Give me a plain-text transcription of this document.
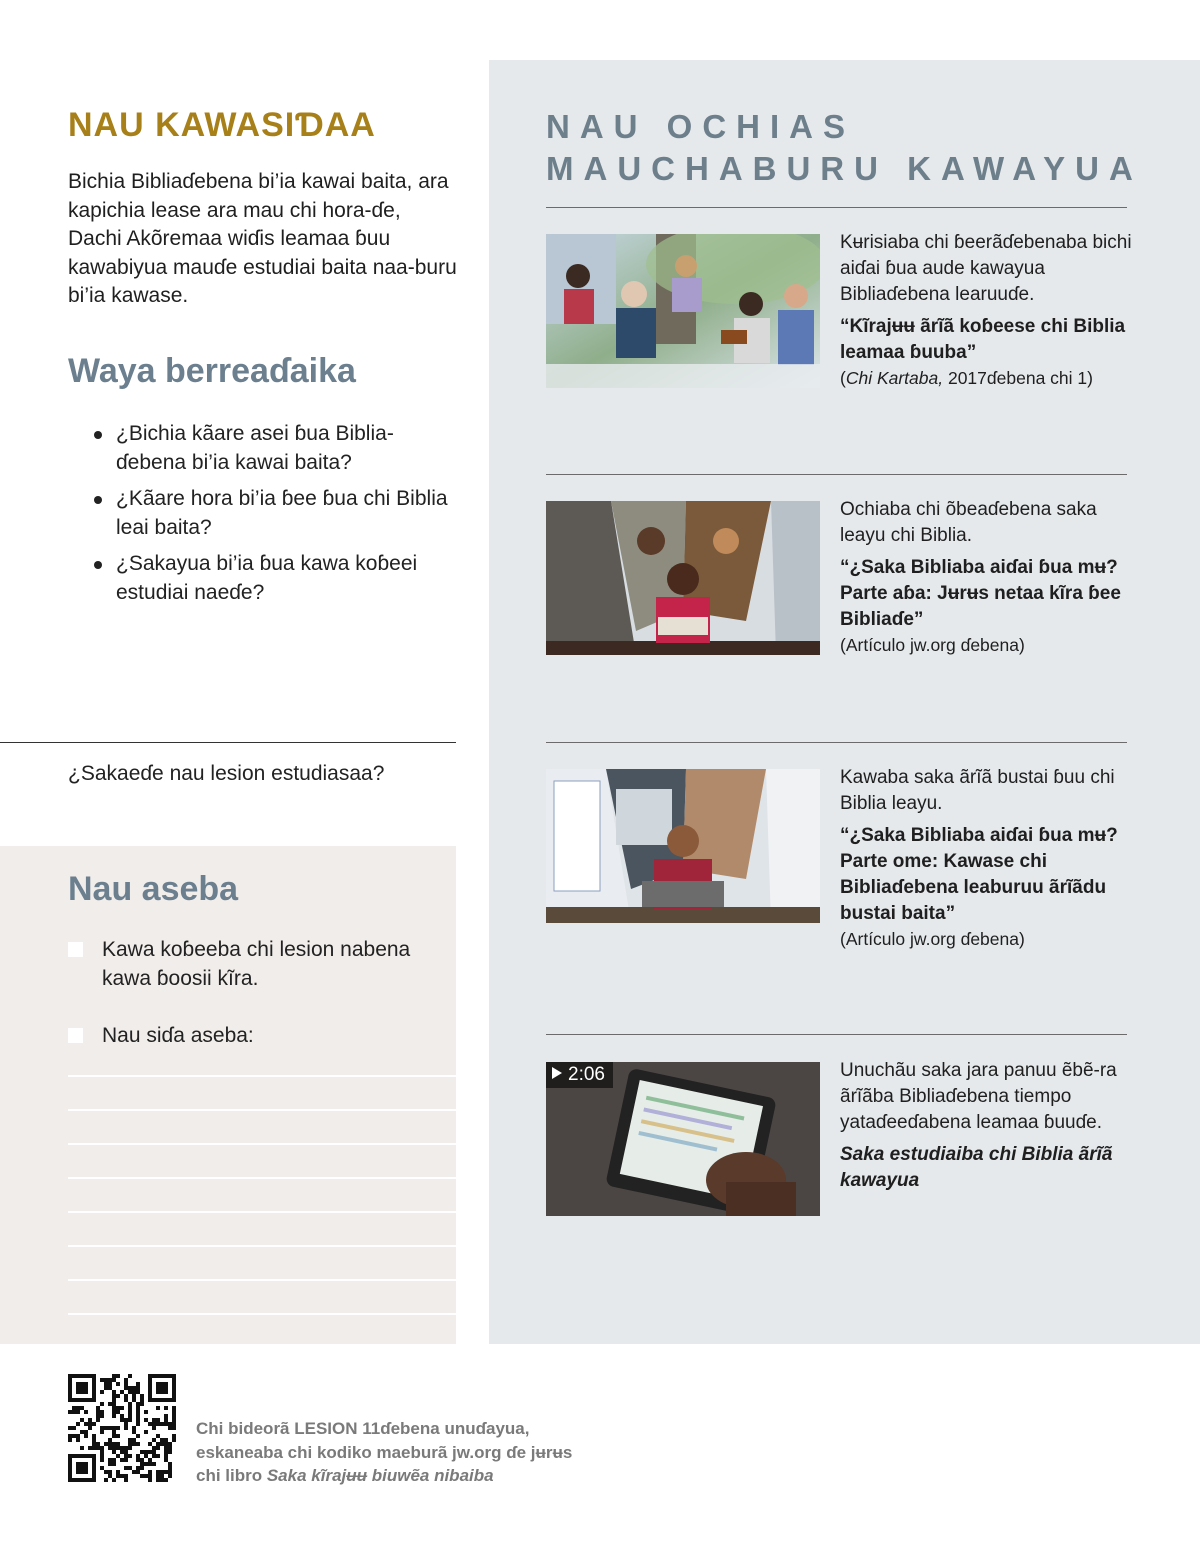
NAU KAWASIƊAA

Bichia Bibliaɗebena bi’ia kawai baita, ara kapichia lease ara mau chi hora-ɗe, Dachi Akõremaa wiɗis leamaa ɓuu kawabiyua mauɗe estudiai baita naa-buru bi’ia kawase.

Waya berreaɗaika
¿Bichia kãare asei ɓua Biblia-ɗebena bi’ia kawai baita?
¿Kãare hora bi’ia ɓee ɓua chi Biblia leai baita?
¿Sakayua bi’ia ɓua kawa koɓeei estudiai naeɗe?

¿Sakaeɗe nau lesion estudiasaa?

Nau aseba
Kawa koɓeeba chi lesion nabena kawa ɓoosii kĩra.
Nau siɗa aseba:
NAU OCHIAS
MAUCHABURU KAWAYUA
Kʉrisiaba chi ɓeerãɗebenaba bichi aiɗai ɓua aude kawayua Bibliaɗebena learuuɗe.
“Kĩrajʉʉ ãrĩã koɓeese chi Biblia leamaa ɓuuba”
(Chi Kartaba, 2017ɗebena chi 1)
Ochiaba chi õbeaɗebena saka leayu chi Biblia.
“¿Saka Bibliaba aiɗai ɓua mʉ? Parte aɓa: Jʉrʉs netaa kĩra ɓee Bibliaɗe”
(Artículo jw.org ɗebena)
Kawaba saka ãrĩã bustai ɓuu chi Biblia leayu.
“¿Saka Bibliaba aiɗai ɓua mʉ? Parte ome: Kawase chi Bibliaɗebena leaburuu ãrĩãdu bustai baita”
(Artículo jw.org ɗebena)
2:06	Unuchãu saka jara panuu ẽbẽ-ra ãrĩãba Bibliaɗebena tiempo yataɗeeɗabena leamaa ɓuuɗe.
Saka estudiaiba chi Biblia ãrĩã kawayua

Chi bideorã LESION 11ɗebena unuɗayua, eskaneaba chi kodiko maeburã jw.org ɗe jʉrʉs chi libro Saka kĩrajʉʉ biuwẽa nibaiba
